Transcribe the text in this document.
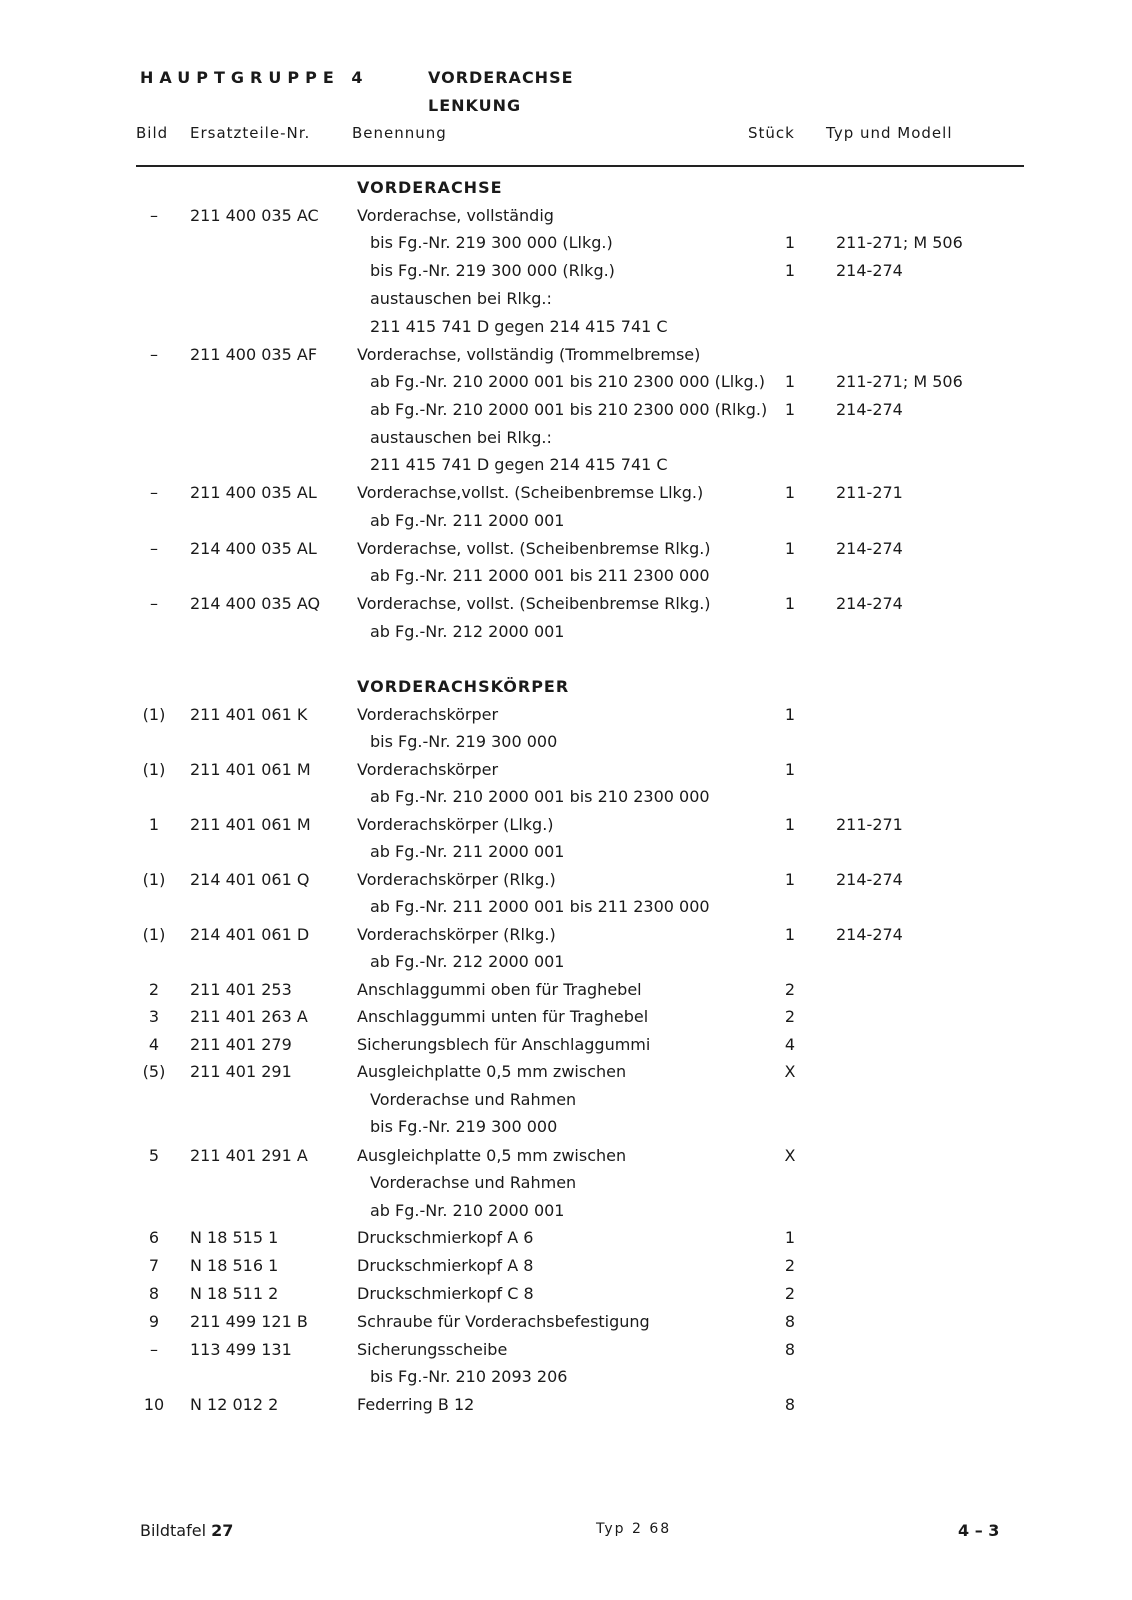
HAUPTGRUPPE 4	VORDERACHSE
LENKUNG
Bild Ersatzteile-Nr.	Benennung	Stück Typ und Modell
VORDERACHSE
–	211 400 035 AC Vorderachse, vollständig
bis Fg.-Nr. 219 300 000 (Llkg.)	1	211-271; M 506
bis Fg.-Nr. 219 300 000 (Rlkg.)	1	214-274
austauschen bei Rlkg.:
211 415 741 D gegen 214 415 741 C
–	211 400 035 AF Vorderachse, vollständig (Trommelbremse)
ab Fg.-Nr. 210 2000 001 bis 210 2300 000 (Llkg.)	1	211-271; M 506
ab Fg.-Nr. 210 2000 001 bis 210 2300 000 (Rlkg.)	1	214-274
austauschen bei Rlkg.:
211 415 741 D gegen 214 415 741 C
–	211 400 035 AL	Vorderachse,vollst. (Scheibenbremse Llkg.)	1	211-271
ab Fg.-Nr. 211 2000 001
–	214 400 035 AL	Vorderachse, vollst. (Scheibenbremse Rlkg.)	1	214-274
ab Fg.-Nr. 211 2000 001 bis 211 2300 000
–	214 400 035 AQ Vorderachse, vollst. (Scheibenbremse Rlkg.)	1	214-274
ab Fg.-Nr. 212 2000 001
VORDERACHSKÖRPER
(1) 211 401 061 K	Vorderachskörper	1
bis Fg.-Nr. 219 300 000
(1) 211 401 061 M	Vorderachskörper	1
ab Fg.-Nr. 210 2000 001 bis 210 2300 000
1	211 401 061 M	Vorderachskörper (Llkg.)	1	211-271
ab Fg.-Nr. 211 2000 001
(1) 214 401 061 Q	Vorderachskörper (Rlkg.)	1	214-274
ab Fg.-Nr. 211 2000 001 bis 211 2300 000
(1) 214 401 061 D	Vorderachskörper (Rlkg.)	1	214-274
ab Fg.-Nr. 212 2000 001
2	211 401 253	Anschlaggummi oben für Traghebel	2
3	211 401 263 A	Anschlaggummi unten für Traghebel	2
4	211 401 279	Sicherungsblech für Anschlaggummi	4
(5) 211 401 291	Ausgleichplatte 0,5 mm zwischen	X
Vorderachse und Rahmen
bis Fg.-Nr. 219 300 000
5	211 401 291 A	Ausgleichplatte 0,5 mm zwischen	X
Vorderachse und Rahmen
ab Fg.-Nr. 210 2000 001
6	N 18 515 1	Druckschmierkopf A 6	1
7	N 18 516 1	Druckschmierkopf A 8	2
8	N 18 511 2	Druckschmierkopf C 8	2
9	211 499 121 B	Schraube für Vorderachsbefestigung	8
–	113 499 131	Sicherungsscheibe	8
bis Fg.-Nr. 210 2093 206
10 N 12 012 2	Federring B 12	8
Bildtafel 27	Typ 2 68	4 – 3
